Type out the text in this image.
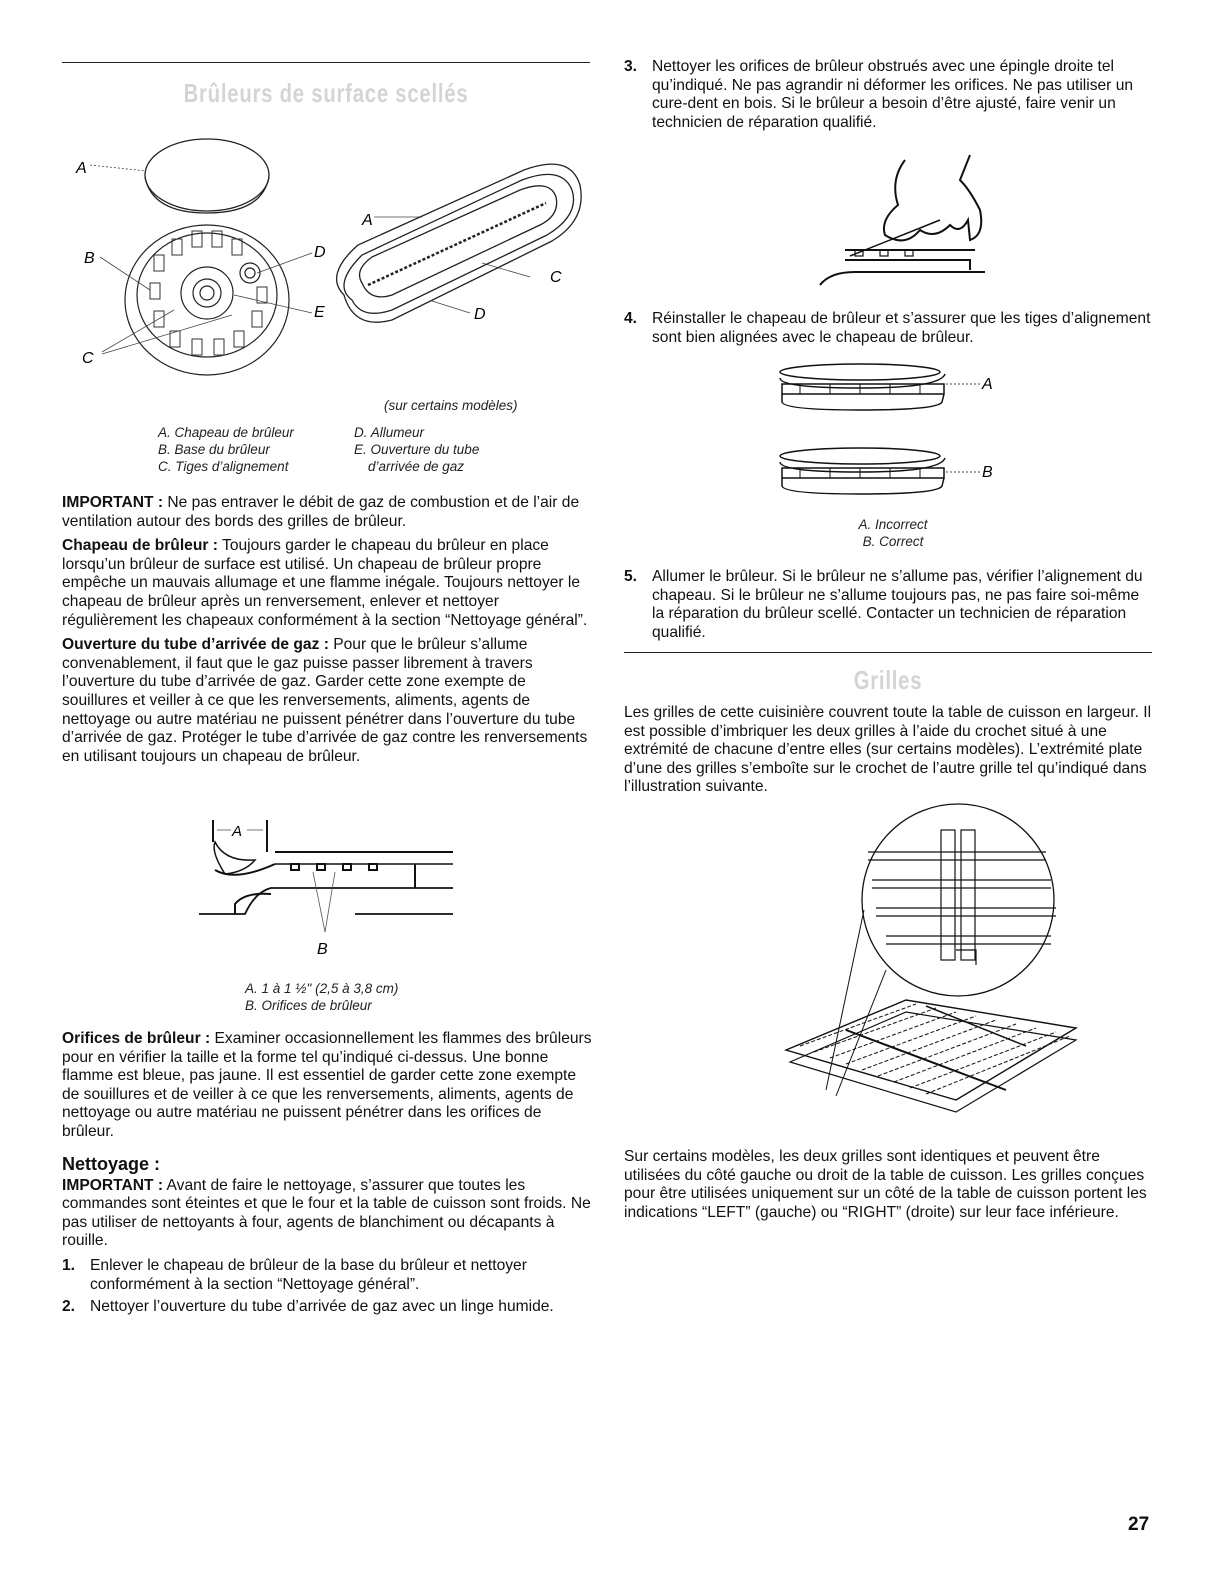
Brûleurs de surface scellés
A
B
C
D
E
A
C
D
(sur certains modèles)
A. Chapeau de brûleur
B. Base du brûleur
C. Tiges d’alignement
D. Allumeur
E. Ouverture du tube
d’arrivée de gaz

IMPORTANT : Ne pas entraver le débit de gaz de combustion et de l’air de ventilation autour des bords des grilles de brûleur.

Chapeau de brûleur : Toujours garder le chapeau du brûleur en place lorsqu’un brûleur de surface est utilisé. Un chapeau de brûleur propre empêche un mauvais allumage et une flamme inégale. Toujours nettoyer le chapeau de brûleur après un renversement, enlever et nettoyer régulièrement les chapeaux conformément à la section “Nettoyage général”.

Ouverture du tube d’arrivée de gaz : Pour que le brûleur s’allume convenablement, il faut que le gaz puisse passer librement à travers l’ouverture du tube d’arrivée de gaz. Garder cette zone exempte de souillures et veiller à ce que les renversements, aliments, agents de nettoyage ou autre matériau ne puissent pénétrer dans l’ouverture du tube d’arrivée de gaz. Protéger le tube d’arrivée de gaz contre les renversements en utilisant toujours un chapeau de brûleur.

A
B
A. 1 à 1 ½" (2,5 à 3,8 cm)
B. Orifices de brûleur

Orifices de brûleur : Examiner occasionnellement les flammes des brûleurs pour en vérifier la taille et la forme tel qu’indiqué ci-dessus. Une bonne flamme est bleue, pas jaune. Il est essentiel de garder cette zone exempte de souillures et de veiller à ce que les renversements, aliments, agents de nettoyage ou autre matériau ne puissent pénétrer dans les orifices de brûleur.

Nettoyage :

IMPORTANT : Avant de faire le nettoyage, s’assurer que toutes les commandes sont éteintes et que le four et la table de cuisson sont froids. Ne pas utiliser de nettoyants à four, agents de blanchiment ou décapants à rouille.

1. Enlever le chapeau de brûleur de la base du brûleur et nettoyer conformément à la section “Nettoyage général”.
2. Nettoyer l’ouverture du tube d’arrivée de gaz avec un linge humide.
3. Nettoyer les orifices de brûleur obstrués avec une épingle droite tel qu’indiqué. Ne pas agrandir ni déformer les orifices. Ne pas utiliser un cure-dent en bois. Si le brûleur a besoin d’être ajusté, faire venir un technicien de réparation qualifié.
4. Réinstaller le chapeau de brûleur et s’assurer que les tiges d’alignement sont bien alignées avec le chapeau de brûleur.
A
B
A. Incorrect
B. Correct
5. Allumer le brûleur. Si le brûleur ne s’allume pas, vérifier l’alignement du chapeau. Si le brûleur ne s’allume toujours pas, ne pas faire soi-même la réparation du brûleur scellé. Contacter un technicien de réparation qualifié.
Grilles

Les grilles de cette cuisinière couvrent toute la table de cuisson en largeur. Il est possible d’imbriquer les deux grilles à l’aide du crochet situé à une extrémité de chacune d’entre elles (sur certains modèles). L’extrémité plate d’une des grilles s’emboîte sur le crochet de l’autre grille tel qu’indiqué dans l’illustration suivante.

Sur certains modèles, les deux grilles sont identiques et peuvent être utilisées du côté gauche ou droit de la table de cuisson. Les grilles conçues pour être utilisées uniquement sur un côté de la table de cuisson portent les indications “LEFT” (gauche) ou “RIGHT” (droite) sur leur face inférieure.

27
